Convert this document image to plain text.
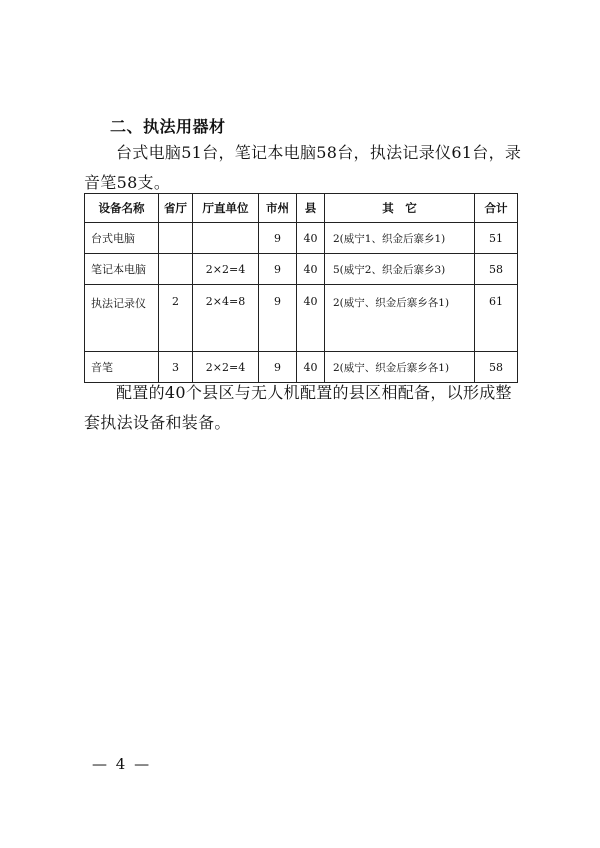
二、执法用器材

台式电脑51台，笔记本电脑58台，执法记录仪61台，录音笔58支。

设备名称	省厅	厅直单位	市州	县	其　它	合计
台式电脑			9	40	2(威宁1、织金后寨乡1)	51
笔记本电脑		2×2=4	9	40	5(威宁2、织金后寨乡3)	58
执法记录仪	2	2×4=8	9	40	2(威宁、织金后寨乡各1)	61
音笔	3	2×2=4	9	40	2(威宁、织金后寨乡各1)	58

配置的40个县区与无人机配置的县区相配备，以形成整套执法设备和装备。

— 4 —
